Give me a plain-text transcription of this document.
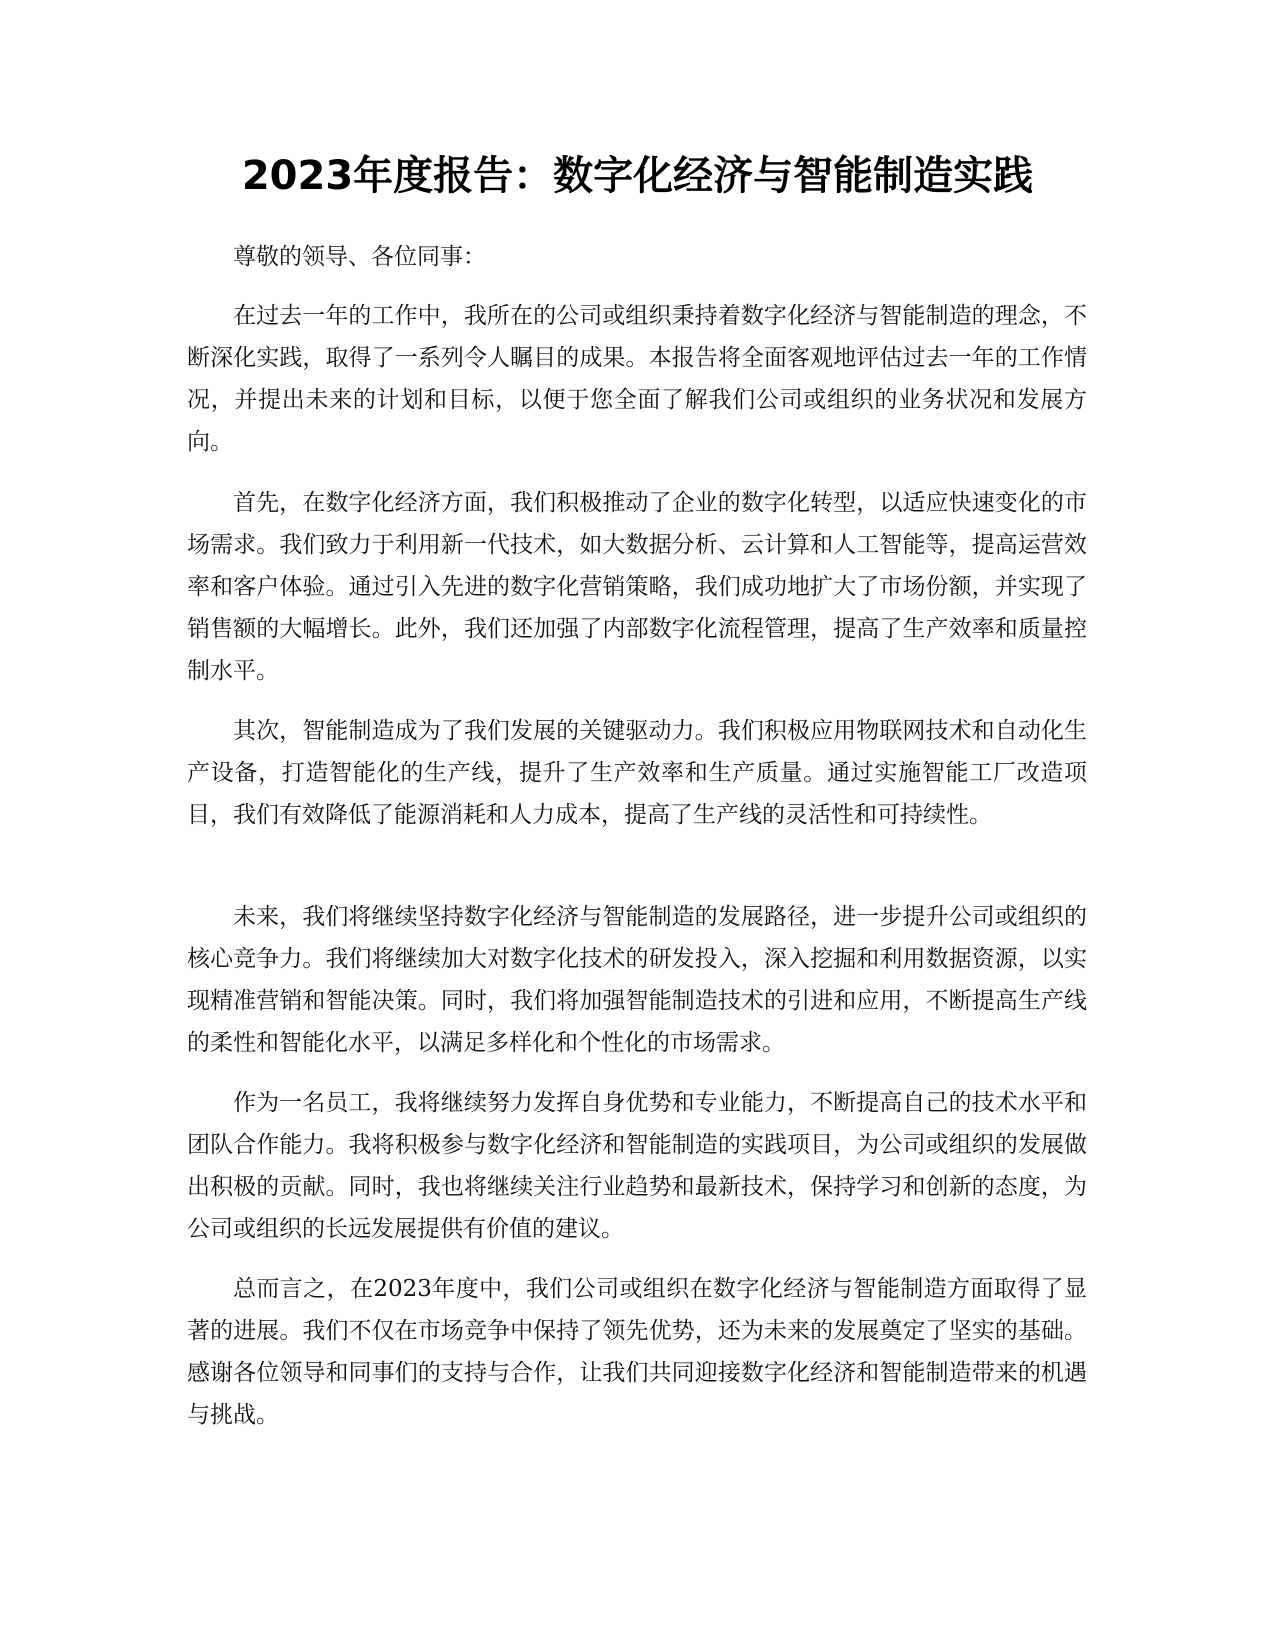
2023年度报告：数字化经济与智能制造实践

尊敬的领导、各位同事：

在过去一年的工作中，我所在的公司或组织秉持着数字化经济与智能制造的理念，不断深化实践，取得了一系列令人瞩目的成果。本报告将全面客观地评估过去一年的工作情况，并提出未来的计划和目标，以便于您全面了解我们公司或组织的业务状况和发展方向。

首先，在数字化经济方面，我们积极推动了企业的数字化转型，以适应快速变化的市场需求。我们致力于利用新一代技术，如大数据分析、云计算和人工智能等，提高运营效率和客户体验。通过引入先进的数字化营销策略，我们成功地扩大了市场份额，并实现了销售额的大幅增长。此外，我们还加强了内部数字化流程管理，提高了生产效率和质量控制水平。

其次，智能制造成为了我们发展的关键驱动力。我们积极应用物联网技术和自动化生产设备，打造智能化的生产线，提升了生产效率和生产质量。通过实施智能工厂改造项目，我们有效降低了能源消耗和人力成本，提高了生产线的灵活性和可持续性。

未来，我们将继续坚持数字化经济与智能制造的发展路径，进一步提升公司或组织的核心竞争力。我们将继续加大对数字化技术的研发投入，深入挖掘和利用数据资源，以实现精准营销和智能决策。同时，我们将加强智能制造技术的引进和应用，不断提高生产线的柔性和智能化水平，以满足多样化和个性化的市场需求。

作为一名员工，我将继续努力发挥自身优势和专业能力，不断提高自己的技术水平和团队合作能力。我将积极参与数字化经济和智能制造的实践项目，为公司或组织的发展做出积极的贡献。同时，我也将继续关注行业趋势和最新技术，保持学习和创新的态度，为公司或组织的长远发展提供有价值的建议。

总而言之，在2023年度中，我们公司或组织在数字化经济与智能制造方面取得了显著的进展。我们不仅在市场竞争中保持了领先优势，还为未来的发展奠定了坚实的基础。感谢各位领导和同事们的支持与合作，让我们共同迎接数字化经济和智能制造带来的机遇与挑战。
